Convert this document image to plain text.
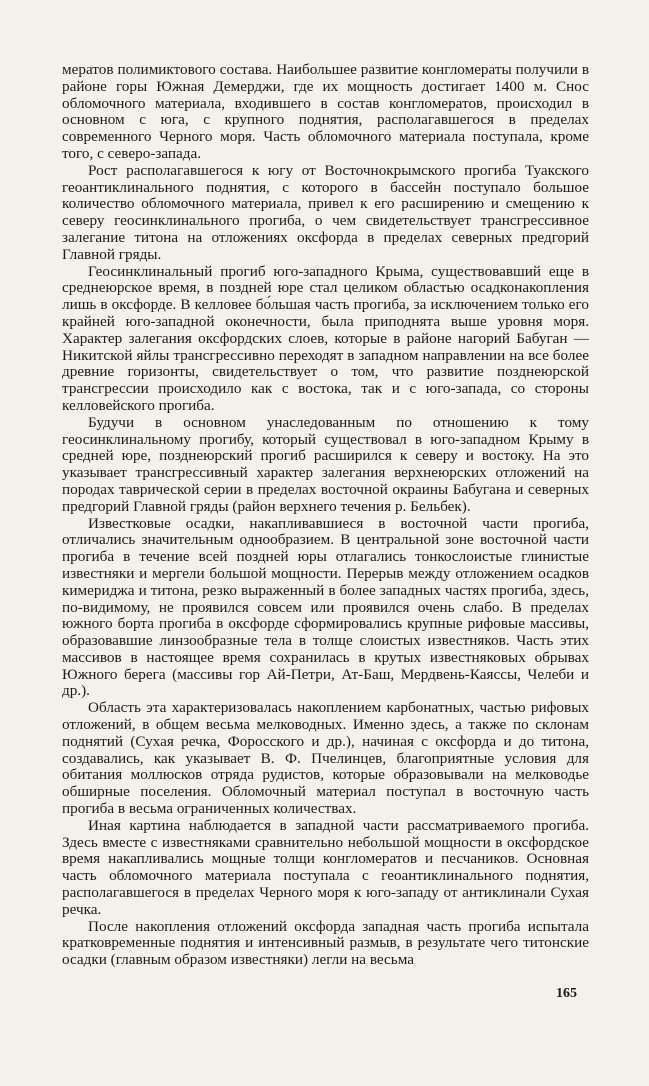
мератов полимиктового состава. Наибольшее развитие конгломераты получили в районе горы Южная Демерджи, где их мощность достигает 1400 м. Снос обломочного материала, входившего в состав конгломератов, происходил в основном с юга, с крупного поднятия, располагавшегося в пределах современного Черного моря. Часть обломочного материала поступала, кроме того, с северо-запада.

Рост располагавшегося к югу от Восточнокрымского прогиба Туакского геоантиклинального поднятия, с которого в бассейн поступало большое количество обломочного материала, привел к его расширению и смещению к северу геосинклинального прогиба, о чем свидетельствует трансгрессивное залегание титона на отложениях оксфорда в пределах северных предгорий Главной гряды.

Геосинклинальный прогиб юго-западного Крыма, существовавший еще в среднеюрское время, в поздней юре стал целиком областью осадконакопления лишь в оксфорде. В келловее бо́льшая часть прогиба, за исключением только его крайней юго-западной оконечности, была приподнята выше уровня моря. Характер залегания оксфордских слоев, которые в районе нагорий Бабуган — Никитской яйлы трансгрессивно переходят в западном направлении на все более древние горизонты, свидетельствует о том, что развитие позднеюрской трансгрессии происходило как с востока, так и с юго-запада, со стороны келловейского прогиба.

Будучи в основном унаследованным по отношению к тому геосинклинальному прогибу, который существовал в юго-западном Крыму в средней юре, позднеюрский прогиб расширился к северу и востоку. На это указывает трансгрессивный характер залегания верхнеюрских отложений на породах таврической серии в пределах восточной окраины Бабугана и северных предгорий Главной гряды (район верхнего течения р. Бельбек).

Известковые осадки, накапливавшиеся в восточной части прогиба, отличались значительным однообразием. В центральной зоне восточной части прогиба в течение всей поздней юры отлагались тонкослоистые глинистые известняки и мергели большой мощности. Перерыв между отложением осадков кимериджа и титона, резко выраженный в более западных частях прогиба, здесь, по-видимому, не проявился совсем или проявился очень слабо. В пределах южного борта прогиба в оксфорде сформировались крупные рифовые массивы, образовавшие линзообразные тела в толще слоистых известняков. Часть этих массивов в настоящее время сохранилась в крутых известняковых обрывах Южного берега (массивы гор Ай-Петри, Ат-Баш, Мердвень-Каяссы, Челеби и др.).

Область эта характеризовалась накоплением карбонатных, частью рифовых отложений, в общем весьма мелководных. Именно здесь, а также по склонам поднятий (Сухая речка, Форосского и др.), начиная с оксфорда и до титона, создавались, как указывает В. Ф. Пчелинцев, благоприятные условия для обитания моллюсков отряда рудистов, которые образовывали на мелководье обширные поселения. Обломочный материал поступал в восточную часть прогиба в весьма ограниченных количествах.

Иная картина наблюдается в западной части рассматриваемого прогиба. Здесь вместе с известняками сравнительно небольшой мощности в оксфордское время накапливались мощные толщи конгломератов и песчаников. Основная часть обломочного материала поступала с геоантиклинального поднятия, располагавшегося в пределах Черного моря к юго-западу от антиклинали Сухая речка.

После накопления отложений оксфорда западная часть прогиба испытала кратковременные поднятия и интенсивный размыв, в результате чего титонские осадки (главным образом известняки) легли на весьма

165
